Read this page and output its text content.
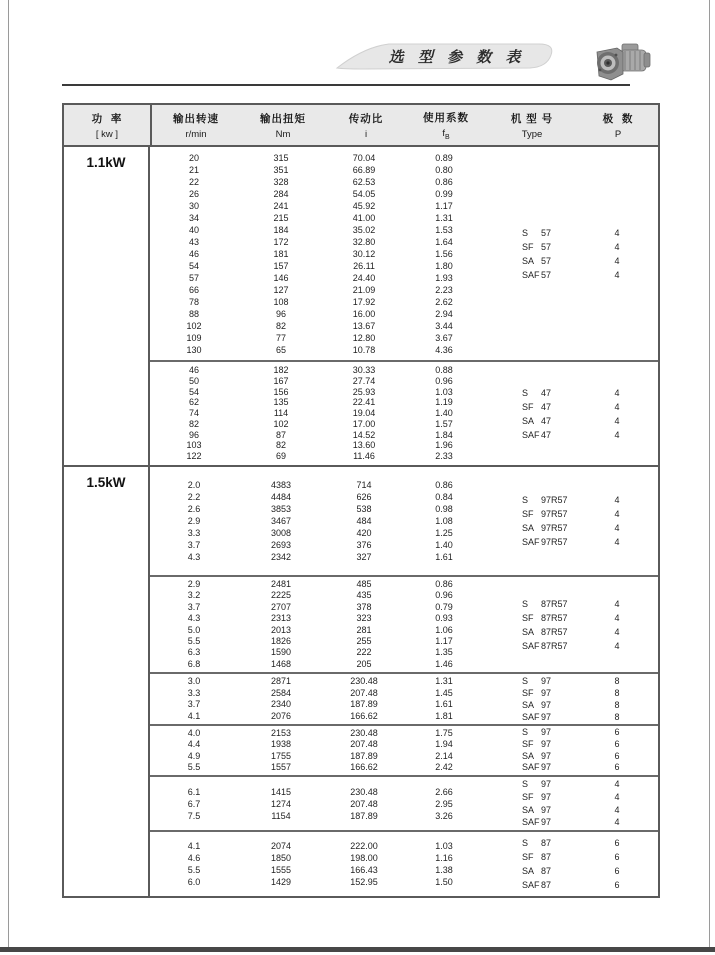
选 型 参 数 表
功  率
[ kw ]
输出转速
r/min
输出扭矩
Nm
传动比
i
使用系数
$f_B$
机 型 号
Type
极  数
P
1.1kW	20	315	70.04	0.89
21	351	66.89	0.80
22	328	62.53	0.86
26	284	54.05	0.99
30	241	45.92	1.17
34	215	41.00	1.31
40	184	35.02	1.53
43	172	32.80	1.64
46	181	30.12	1.56
54	157	26.11	1.80
57	146	24.40	1.93
66	127	21.09	2.23
78	108	17.92	2.62
88	96	16.00	2.94
102	82	13.67	3.44
109	77	12.80	3.67
130	65	10.78	4.36
S 57	4
SF 57	4
SA 57	4
SAF57	4
46	182	30.33	0.88
50	167	27.74	0.96
54	156	25.93	1.03
62	135	22.41	1.19
74	114	19.04	1.40
82	102	17.00	1.57
96	87	14.52	1.84
103	82	13.60	1.96
122	69	11.46	2.33
S 47	4
SF 47	4
SA 47	4
SAF47	4
1.5kW	2.0	4383	714	0.86
2.2	4484	626	0.84
2.6	3853	538	0.98
2.9	3467	484	1.08
3.3	3008	420	1.25
3.7	2693	376	1.40
4.3	2342	327	1.61
S 97R57	4
SF 97R57	4
SA 97R57	4
SAF97R57	4
2.9	2481	485	0.86
3.2	2225	435	0.96
3.7	2707	378	0.79
4.3	2313	323	0.93
5.0	2013	281	1.06
5.5	1826	255	1.17
6.3	1590	222	1.35
6.8	1468	205	1.46
S 87R57	4
SF 87R57	4
SA 87R57	4
SAF87R57	4
3.0	2871	230.48	1.31
3.3	2584	207.48	1.45
3.7	2340	187.89	1.61
4.1	2076	166.62	1.81
S 97	8
SF 97	8
SA 97	8
SAF97	8
4.0	2153	230.48	1.75
4.4	1938	207.48	1.94
4.9	1755	187.89	2.14
5.5	1557	166.62	2.42
S 97	6
SF 97	6
SA 97	6
SAF97	6
6.1	1415	230.48	2.66
6.7	1274	207.48	2.95
7.5	1154	187.89	3.26
S 97	4
SF 97	4
SA 97	4
SAF97	4
4.1	2074	222.00	1.03
4.6	1850	198.00	1.16
5.5	1555	166.43	1.38
6.0	1429	152.95	1.50
S 87	6
SF 87	6
SA 87	6
SAF87	6
